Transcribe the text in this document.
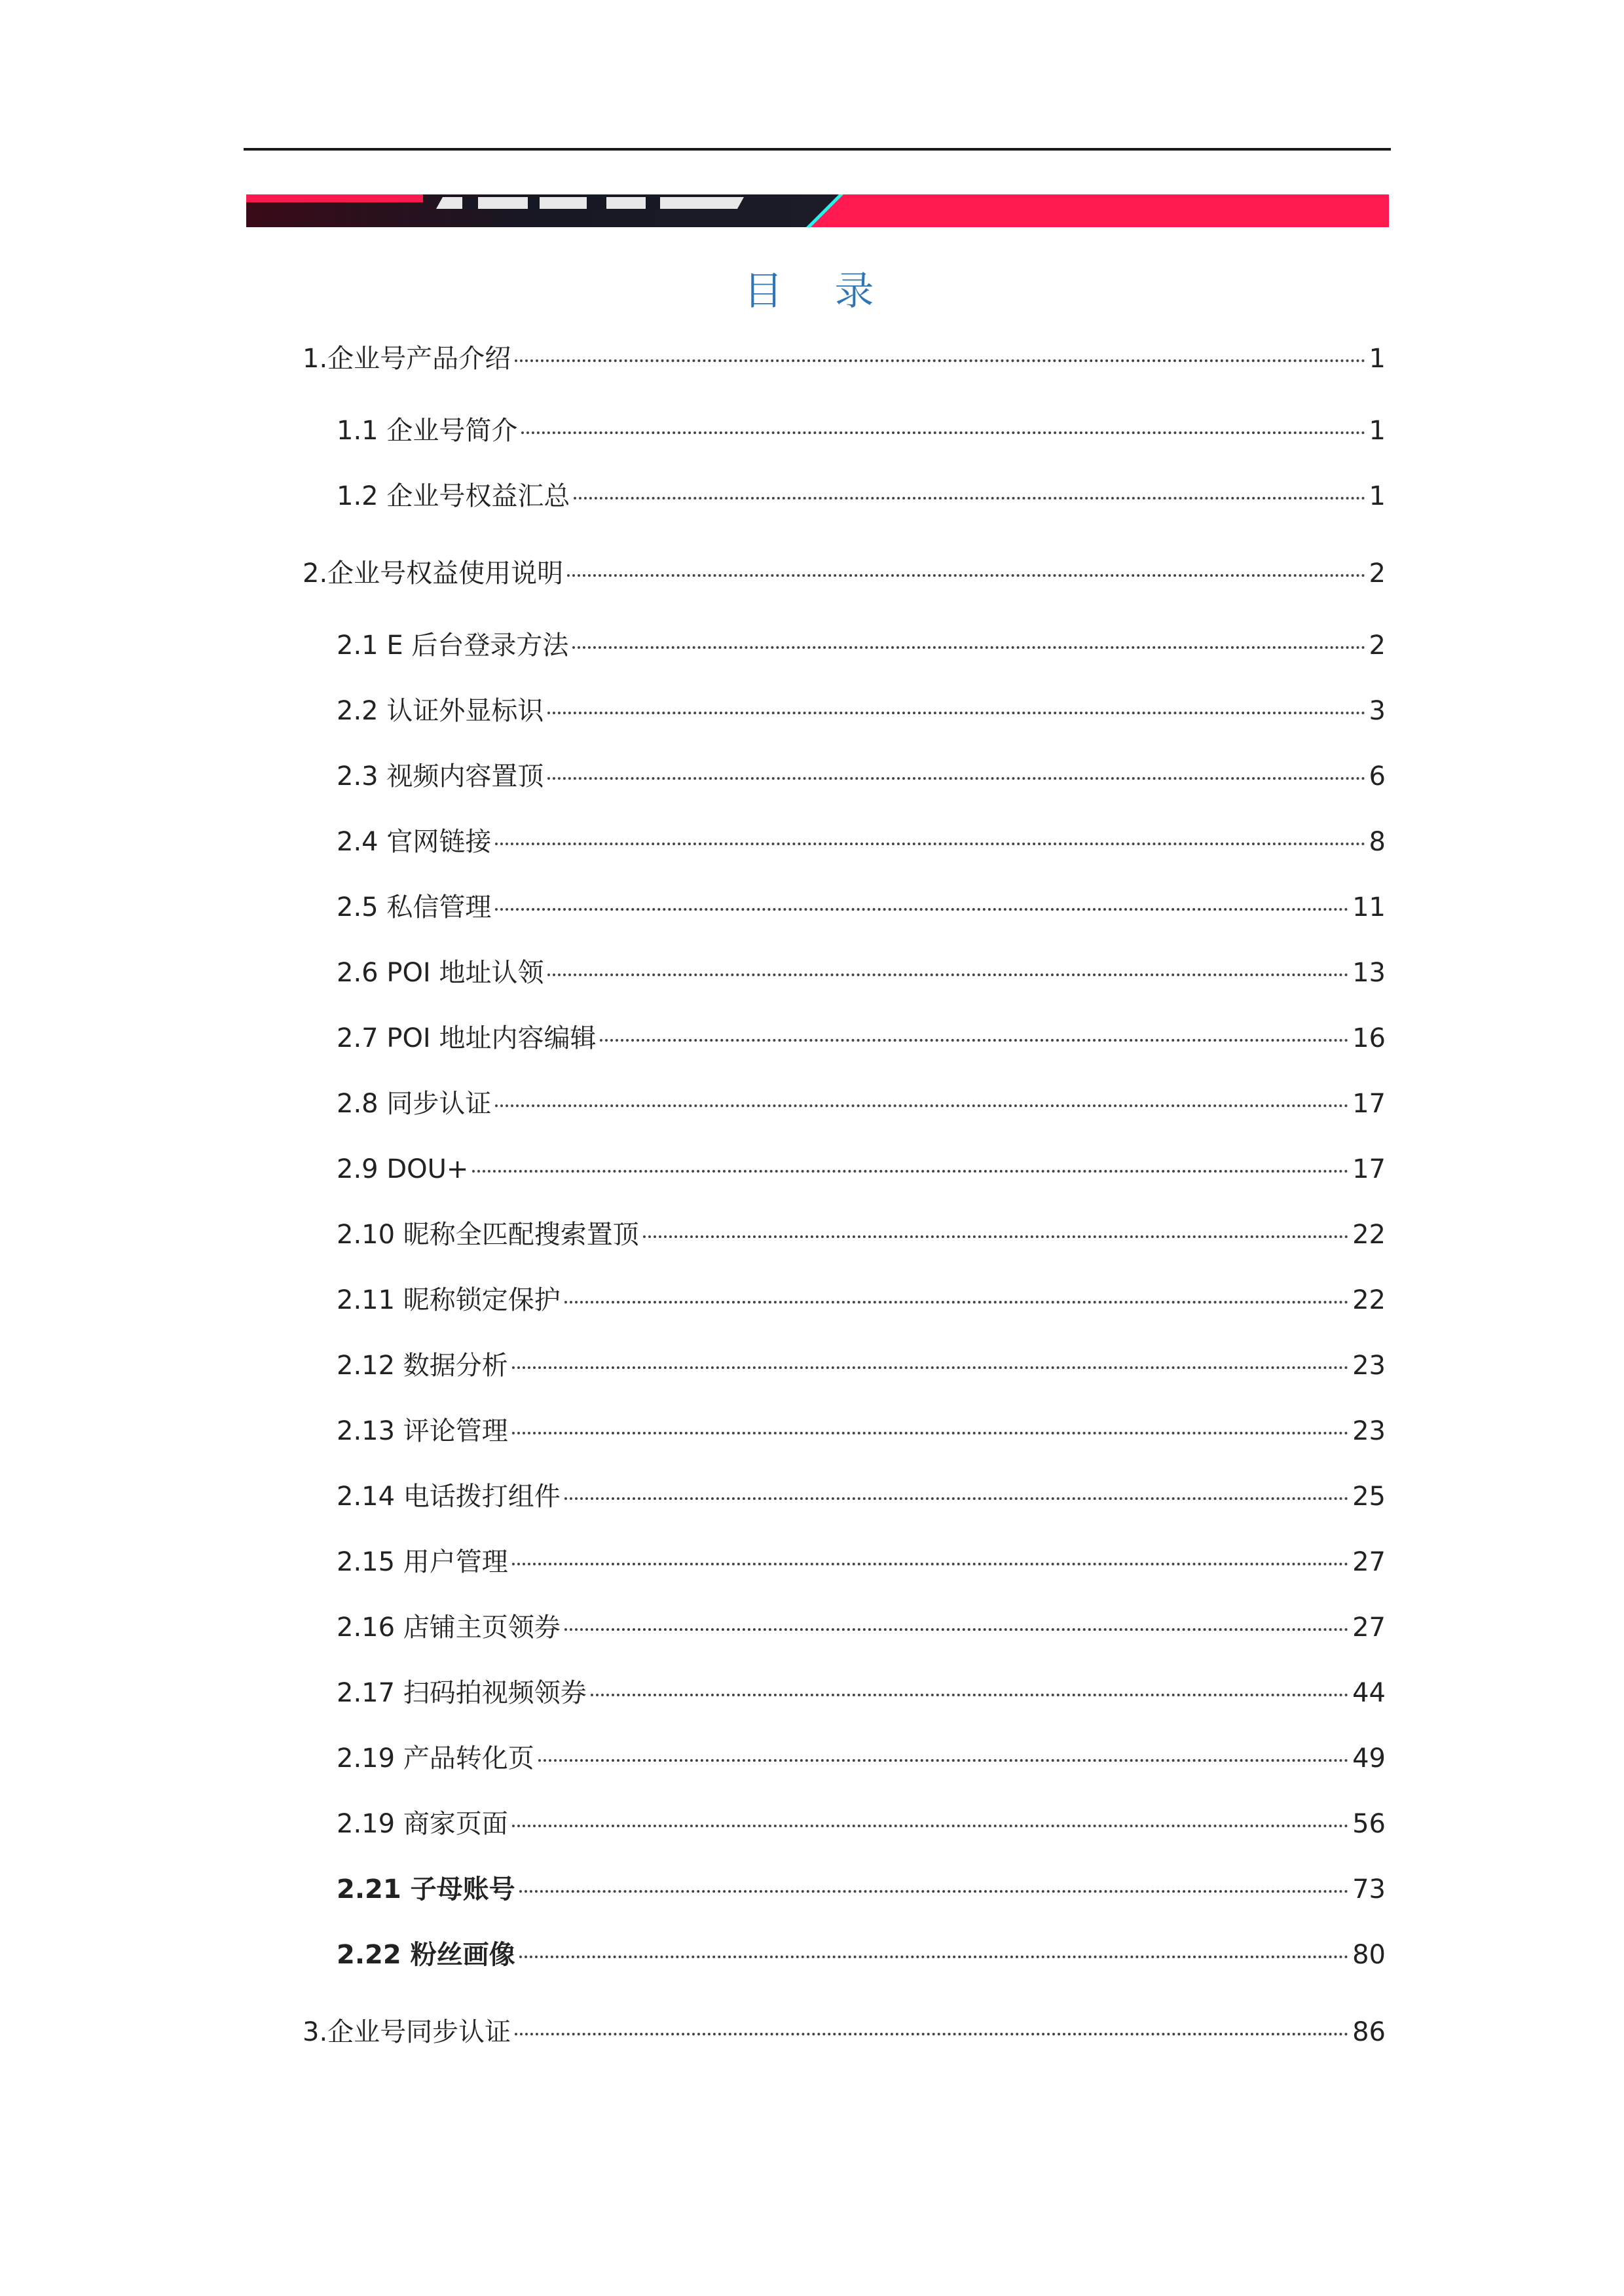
目 录
1.企业号产品介绍	1
1.1 企业号简介	1
1.2 企业号权益汇总	1
2.企业号权益使用说明	2
2.1 E 后台登录方法	2
2.2 认证外显标识	3
2.3 视频内容置顶	6
2.4 官网链接	8
2.5 私信管理	11
2.6 POI 地址认领	13
2.7 POI 地址内容编辑	16
2.8 同步认证	17
2.9 DOU+	17
2.10 昵称全匹配搜索置顶	22
2.11 昵称锁定保护	22
2.12 数据分析	23
2.13 评论管理	23
2.14 电话拨打组件	25
2.15 用户管理	27
2.16 店铺主页领券	27
2.17 扫码拍视频领券	44
2.19 产品转化页	49
2.19 商家页面	56
2.21 子母账号	73
2.22 粉丝画像	80
3.企业号同步认证	86
